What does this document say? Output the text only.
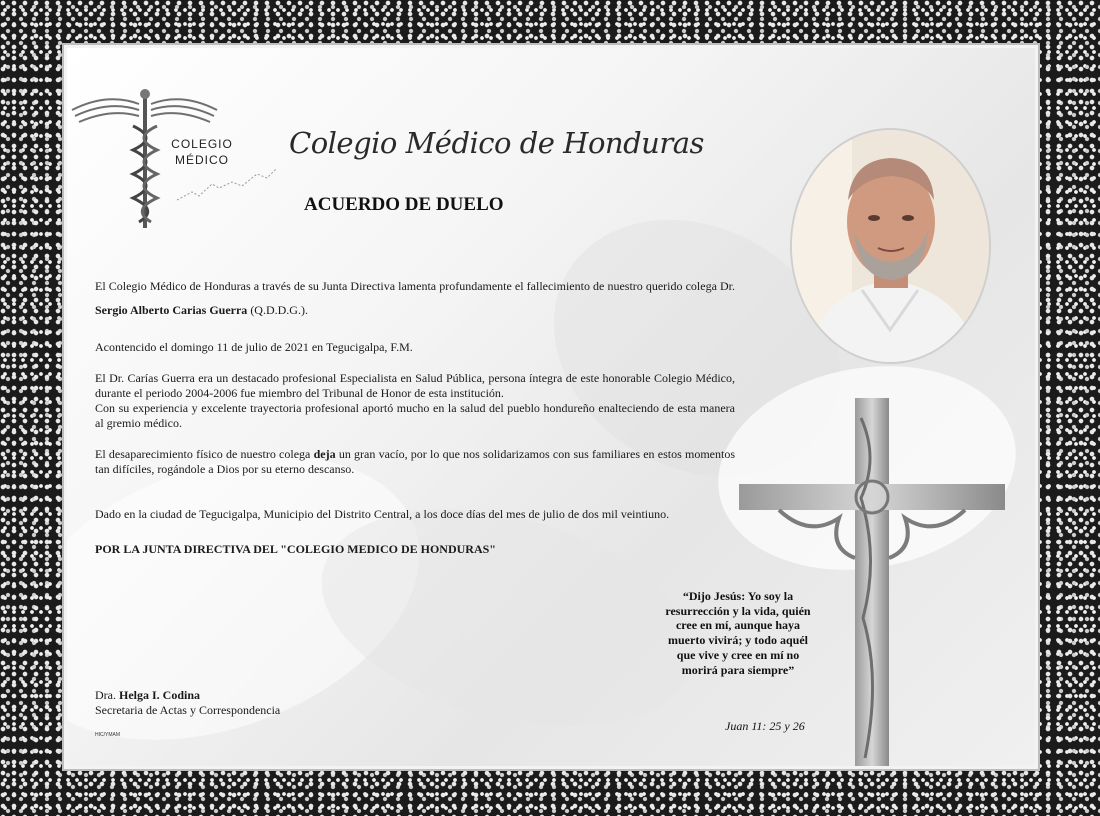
COLEGIO
MÉDICO	Colegio Médico de Honduras
ACUERDO DE DUELO

El Colegio Médico de Honduras a través de su Junta Directiva lamenta profundamente el fallecimiento de nuestro querido colega Dr. Sergio Alberto Carias Guerra (Q.D.D.G.).

Acontencido el domingo 11 de julio de 2021 en Tegucigalpa, F.M.

El Dr. Carías Guerra era un destacado profesional Especialista en Salud Pública, persona íntegra de este honorable Colegio Médico, durante el periodo 2004-2006 fue miembro del Tribunal de Honor de esta institución.

Con su experiencia y excelente trayectoria profesional aportó mucho en la salud del pueblo hondureño enalteciendo de esta manera al gremio médico.

El desaparecimiento físico de nuestro colega deja un gran vacío, por lo que nos solidarizamos con sus familiares en estos momentos tan difíciles, rogándole a Dios por su eterno descanso.

Dado en la ciudad de Tegucigalpa, Municipio del Distrito Central, a los doce días del mes de julio de dos mil veintiuno.

POR LA JUNTA DIRECTIVA DEL "COLEGIO MEDICO DE HONDURAS"

“Dijo Jesús: Yo soy la resurrección y la vida, quién cree en mí, aunque haya muerto vivirá; y todo aquél que vive y cree en mí no morirá para siempre”
Juan 11: 25 y 26
Dra. Helga I. Codina
Secretaria de Actas y Correspondencia
HIC/YMAM
